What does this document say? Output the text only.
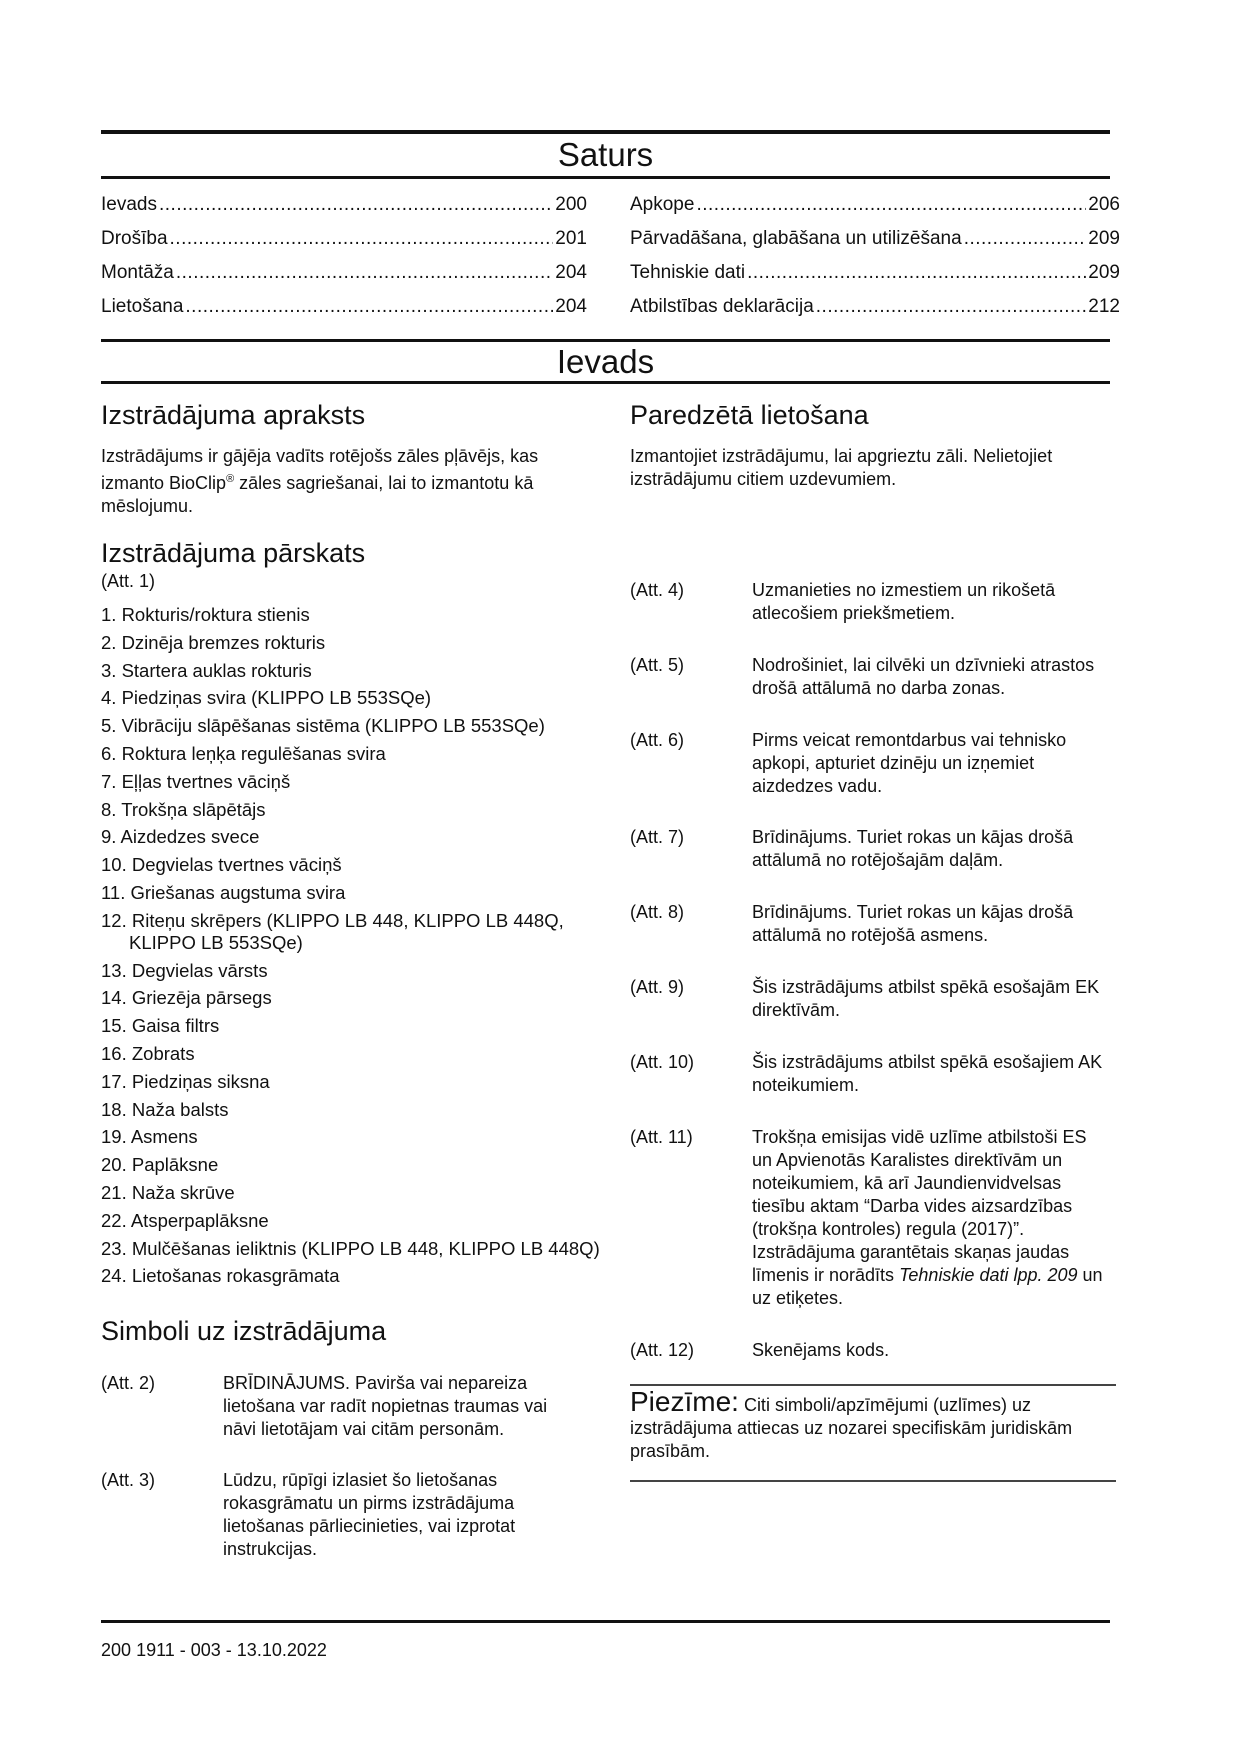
Saturs
Ievads .....	200
Drošība .....	201
Montāža .....	204
Lietošana .....	204
Apkope .....	206
Pārvadāšana, glabāšana un utilizēšana .....	209
Tehniskie dati .....	209
Atbilstības deklarācija .....	212
Ievads
Izstrādājuma apraksts

Izstrādājums ir gājēja vadīts rotējošs zāles pļāvējs, kas izmanto BioClip® zāles sagriešanai, lai to izmantotu kā mēslojumu.

Izstrādājuma pārskats
(Att. 1)
1. Rokturis/roktura stienis
2. Dzinēja bremzes rokturis
3. Startera auklas rokturis
4. Piedziņas svira (KLIPPO LB 553SQe)
5. Vibrāciju slāpēšanas sistēma (KLIPPO LB 553SQe)
6. Roktura leņķa regulēšanas svira
7. Eļļas tvertnes vāciņš
8. Trokšņa slāpētājs
9. Aizdedzes svece
10. Degvielas tvertnes vāciņš
11. Griešanas augstuma svira
12. Riteņu skrēpers (KLIPPO LB 448, KLIPPO LB 448Q, KLIPPO LB 553SQe)
13. Degvielas vārsts
14. Griezēja pārsegs
15. Gaisa filtrs
16. Zobrats
17. Piedziņas siksna
18. Naža balsts
19. Asmens
20. Paplāksne
21. Naža skrūve
22. Atsperpaplāksne
23. Mulčēšanas ieliktnis (KLIPPO LB 448, KLIPPO LB 448Q)
24. Lietošanas rokasgrāmata
Simboli uz izstrādājuma
(Att. 2)	BRĪDINĀJUMS. Pavirša vai nepareiza lietošana var radīt nopietnas traumas vai nāvi lietotājam vai citām personām.
(Att. 3)	Lūdzu, rūpīgi izlasiet šo lietošanas rokasgrāmatu un pirms izstrādājuma lietošanas pārliecinieties, vai izprotat instrukcijas.
Paredzētā lietošana

Izmantojiet izstrādājumu, lai apgrieztu zāli. Nelietojiet izstrādājumu citiem uzdevumiem.

(Att. 4)	Uzmanieties no izmestiem un rikošetā atlecošiem priekšmetiem.
(Att. 5)	Nodrošiniet, lai cilvēki un dzīvnieki atrastos drošā attālumā no darba zonas.
(Att. 6)	Pirms veicat remontdarbus vai tehnisko apkopi, apturiet dzinēju un izņemiet aizdedzes vadu.
(Att. 7)	Brīdinājums. Turiet rokas un kājas drošā attālumā no rotējošajām daļām.
(Att. 8)	Brīdinājums. Turiet rokas un kājas drošā attālumā no rotējošā asmens.
(Att. 9)	Šis izstrādājums atbilst spēkā esošajām EK direktīvām.
(Att. 10)	Šis izstrādājums atbilst spēkā esošajiem AK noteikumiem.
(Att. 11)	Trokšņa emisijas vidē uzlīme atbilstoši ES un Apvienotās Karalistes direktīvām un noteikumiem, kā arī Jaundienvidvelsas tiesību aktam “Darba vides aizsardzības (trokšņa kontroles) regula (2017)”. Izstrādājuma garantētais skaņas jaudas līmenis ir norādīts Tehniskie dati lpp. 209 un uz etiķetes.
(Att. 12)	Skenējams kods.
Piezīme: Citi simboli/apzīmējumi (uzlīmes) uz izstrādājuma attiecas uz nozarei specifiskām juridiskām prasībām.
200 1911 - 003 - 13.10.2022
